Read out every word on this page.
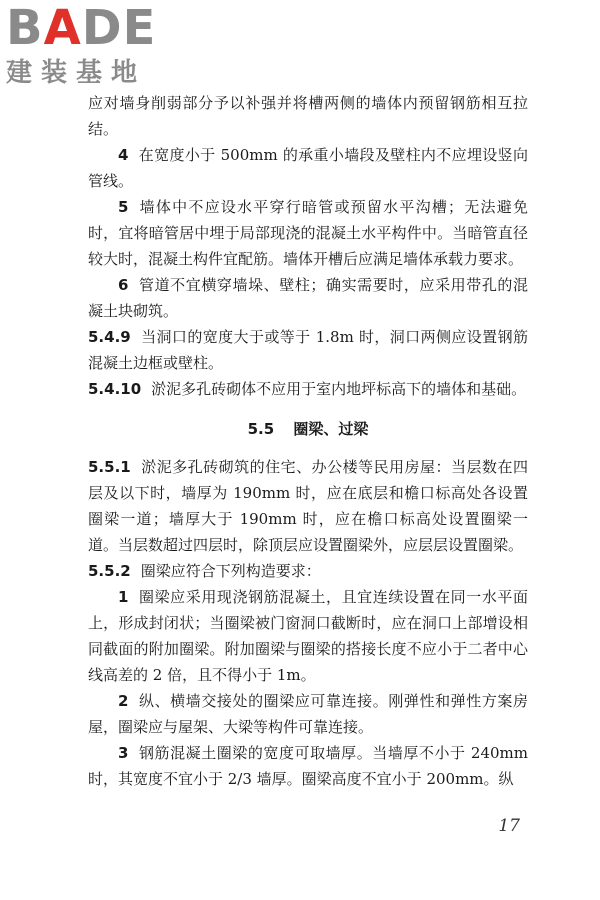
B A DE
建装基地

应对墙身削弱部分予以补强并将槽两侧的墙体内预留钢筋相互拉结。

4 在宽度小于 500mm 的承重小墙段及壁柱内不应埋设竖向管线。

5 墙体中不应设水平穿行暗管或预留水平沟槽；无法避免时，宜将暗管居中埋于局部现浇的混凝土水平构件中。当暗管直径较大时，混凝土构件宜配筋。墙体开槽后应满足墙体承载力要求。

6 管道不宜横穿墙垛、壁柱；确实需要时，应采用带孔的混凝土块砌筑。

5.4.9 当洞口的宽度大于或等于 1.8m 时，洞口两侧应设置钢筋混凝土边框或壁柱。

5.4.10 淤泥多孔砖砌体不应用于室内地坪标高下的墙体和基础。

5.5 圈梁、过梁

5.5.1 淤泥多孔砖砌筑的住宅、办公楼等民用房屋：当层数在四层及以下时，墙厚为 190mm 时，应在底层和檐口标高处各设置圈梁一道；墙厚大于 190mm 时，应在檐口标高处设置圈梁一道。当层数超过四层时，除顶层应设置圈梁外，应层层设置圈梁。

5.5.2 圈梁应符合下列构造要求：

1 圈梁应采用现浇钢筋混凝土，且宜连续设置在同一水平面上，形成封闭状；当圈梁被门窗洞口截断时，应在洞口上部增设相同截面的附加圈梁。附加圈梁与圈梁的搭接长度不应小于二者中心线高差的 2 倍，且不得小于 1m。

2 纵、横墙交接处的圈梁应可靠连接。刚弹性和弹性方案房屋，圈梁应与屋架、大梁等构件可靠连接。

3 钢筋混凝土圈梁的宽度可取墙厚。当墙厚不小于 240mm 时，其宽度不宜小于 2/3 墙厚。圈梁高度不宜小于 200mm。纵

17
